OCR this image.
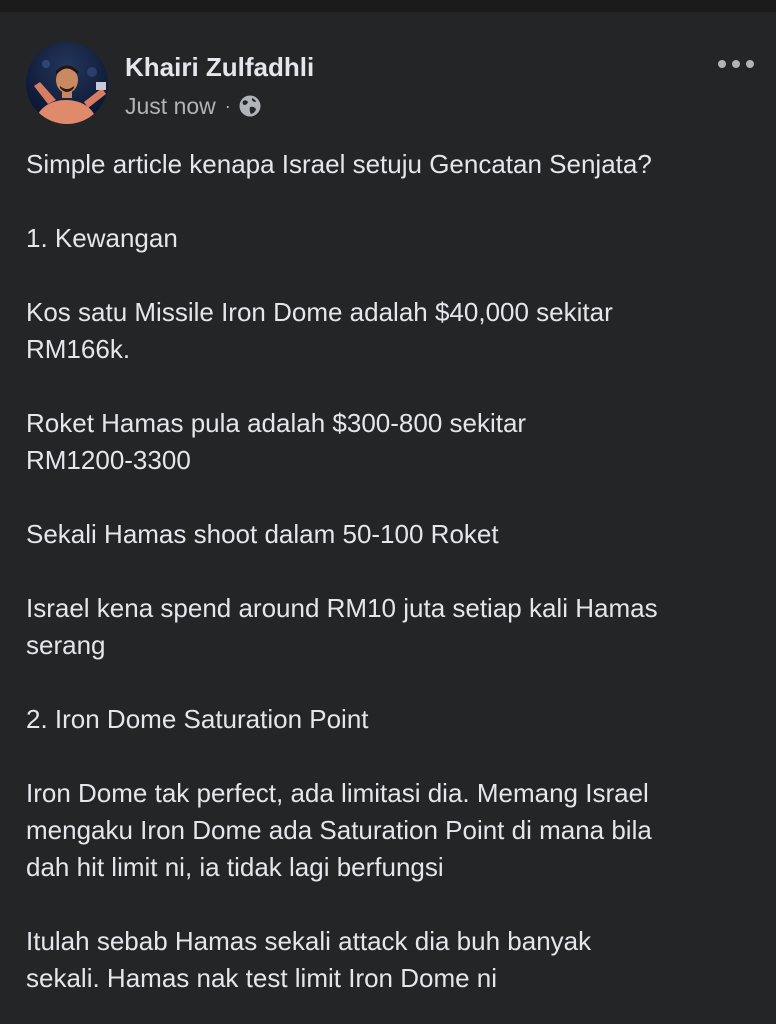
Khairi Zulfadhli
Just now ·

Simple article kenapa Israel setuju Gencatan Senjata?

1. Kewangan

Kos satu Missile Iron Dome adalah $40,000 sekitar
RM166k.

Roket Hamas pula adalah $300-800 sekitar
RM1200-3300

Sekali Hamas shoot dalam 50-100 Roket

Israel kena spend around RM10 juta setiap kali Hamas
serang

2. Iron Dome Saturation Point

Iron Dome tak perfect, ada limitasi dia. Memang Israel
mengaku Iron Dome ada Saturation Point di mana bila
dah hit limit ni, ia tidak lagi berfungsi

Itulah sebab Hamas sekali attack dia buh banyak
sekali. Hamas nak test limit Iron Dome ni
